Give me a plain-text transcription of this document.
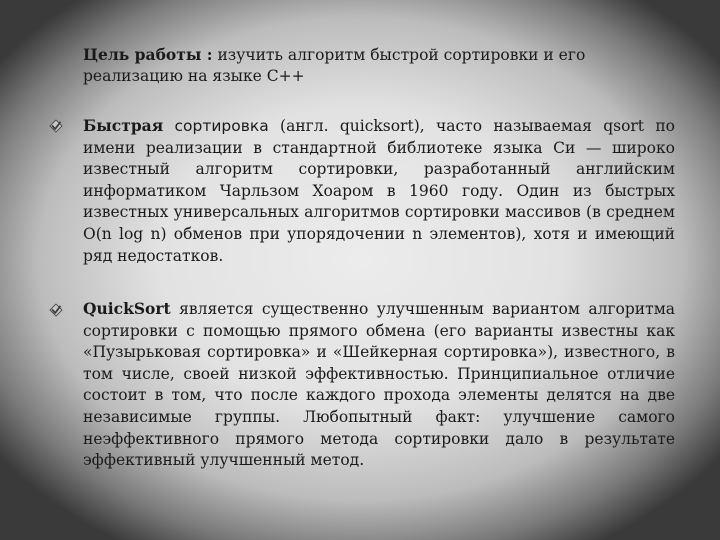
Цель работы : изучить алгоритм быстрой сортировки и его реализацию на языке С++
Быстрая сортировка (англ. quicksort), часто называемая qsort по имени реализации в стандартной библиотеке языка Си — широко известный алгоритм сортировки, разработанный английским информатиком Чарльзом Хоаром в 1960 году. Один из быстрых известных универсальных алгоритмов сортировки массивов (в среднем O(n log n) обменов при упорядочении n элементов), хотя и имеющий ряд недостатков.
QuickSort является существенно улучшенным вариантом алгоритма сортировки с помощью прямого обмена (его варианты известны как «Пузырьковая сортировка» и «Шейкерная сортировка»), известного, в том числе, своей низкой эффективностью. Принципиальное отличие состоит в том, что после каждого прохода элементы делятся на две независимые группы. Любопытный факт: улучшение самого неэффективного прямого метода сортировки дало в результате эффективный улучшенный метод.
